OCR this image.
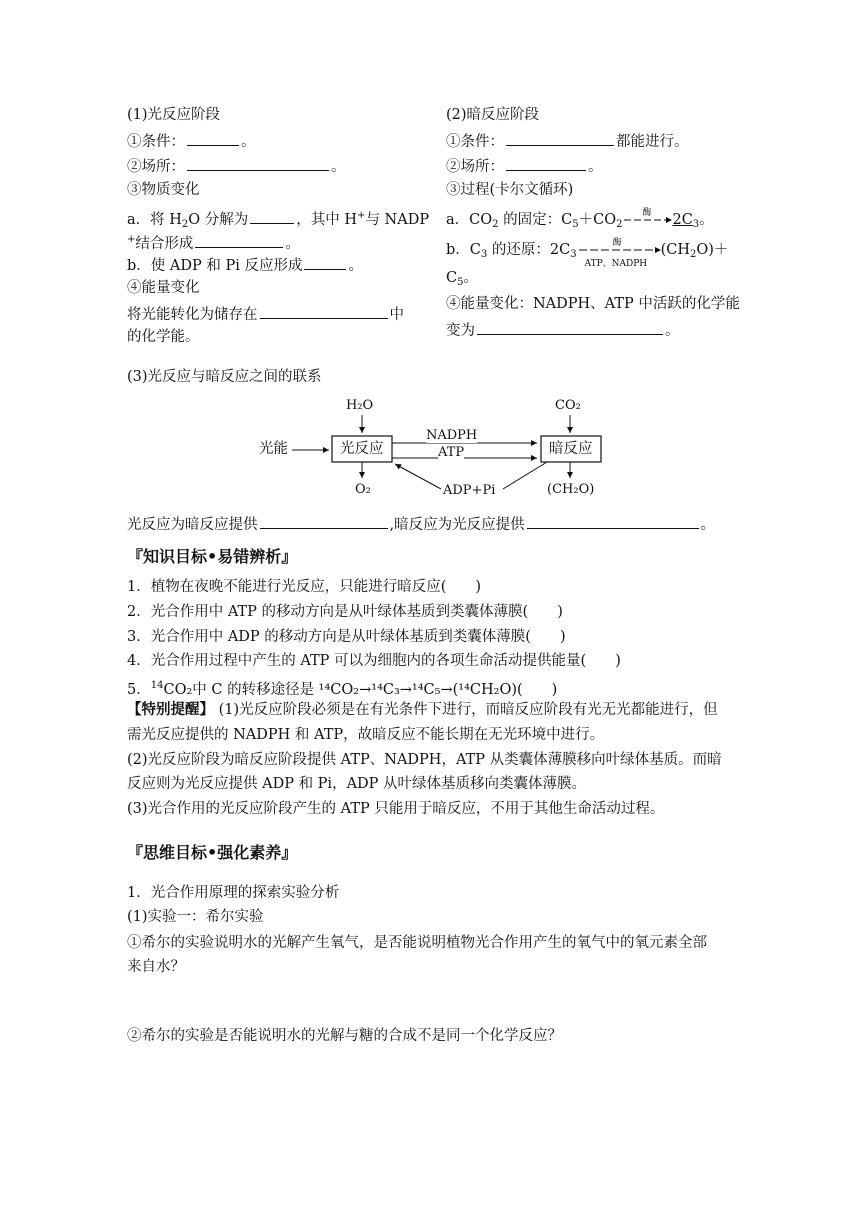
(1)光反应阶段
①条件：	。
②场所：	。
③物质变化
a．将 $H_2O$ 分解为	，其中 H+与 NADP
+结合形成	。
b．使 ADP 和 Pi 反应形成	。
④能量变化
将光能转化为储存在	中
的化学能。
(2)暗反应阶段
①条件：	都能进行。
②场所：	。
③过程(卡尔文循环)
a．$CO_2$ 的固定：$C_5+CO_2$
酶 $2C_3$。
b．$C_3$ 的还原：$2C_3$
酶
ATP、NADPH
$(CH_2O)+$
$C_5$。
④能量变化：NADPH、ATP 中活跃的化学能
变为	。
(3)光反应与暗反应之间的联系
光能	光反应	暗反应
H₂O
O₂
CO₂
(CH₂O)
NADPH
ATP
ADP+Pi
光反应为暗反应提供	,暗反应为光反应提供	。
『知识目标•易错辨析』
1．植物在夜晚不能进行光反应，只能进行暗反应(　　)
2．光合作用中 ATP 的移动方向是从叶绿体基质到类囊体薄膜(　　)
3．光合作用中 ADP 的移动方向是从叶绿体基质到类囊体薄膜(　　)
4．光合作用过程中产生的 ATP 可以为细胞内的各项生命活动提供能量(　　)
5．$^{14}$CO₂中 C 的转移途径是 ¹⁴CO₂→¹⁴C₃→¹⁴C₅→(¹⁴CH₂O)(　　)
【特别提醒】 (1)光反应阶段必须是在有光条件下进行，而暗反应阶段有光无光都能进行，但
需光反应提供的 NADPH 和 ATP，故暗反应不能长期在无光环境中进行。
(2)光反应阶段为暗反应阶段提供 ATP、NADPH，ATP 从类囊体薄膜移向叶绿体基质。而暗
反应则为光反应提供 ADP 和 Pi，ADP 从叶绿体基质移向类囊体薄膜。
(3)光合作用的光反应阶段产生的 ATP 只能用于暗反应，不用于其他生命活动过程。
『思维目标•强化素养』
1．光合作用原理的探索实验分析
(1)实验一：希尔实验
①希尔的实验说明水的光解产生氧气，是否能说明植物光合作用产生的氧气中的氧元素全部
来自水？
②希尔的实验是否能说明水的光解与糖的合成不是同一个化学反应？
